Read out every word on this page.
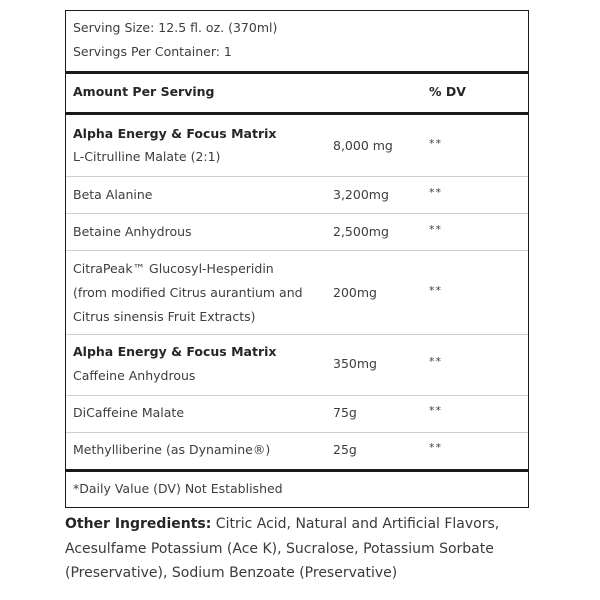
Serving Size: 12.5 fl. oz. (370ml)
Servings Per Container: 1
Amount Per Serving	% DV
Alpha Energy & Focus Matrix
L-Citrulline Malate (2:1)
8,000 mg	**
Beta Alanine	3,200mg	**
Betaine Anhydrous	2,500mg	**
CitraPeak™ Glucosyl-Hesperidin
(from modified Citrus aurantium and
Citrus sinensis Fruit Extracts)
200mg	**
Alpha Energy & Focus Matrix
Caffeine Anhydrous
350mg	**
DiCaffeine Malate	75g	**
Methylliberine (as Dynamine®)	25g	**
*Daily Value (DV) Not Established
Other Ingredients: Citric Acid, Natural and Artificial Flavors, Acesulfame Potassium (Ace K), Sucralose, Potassium Sorbate (Preservative), Sodium Benzoate (Preservative)
